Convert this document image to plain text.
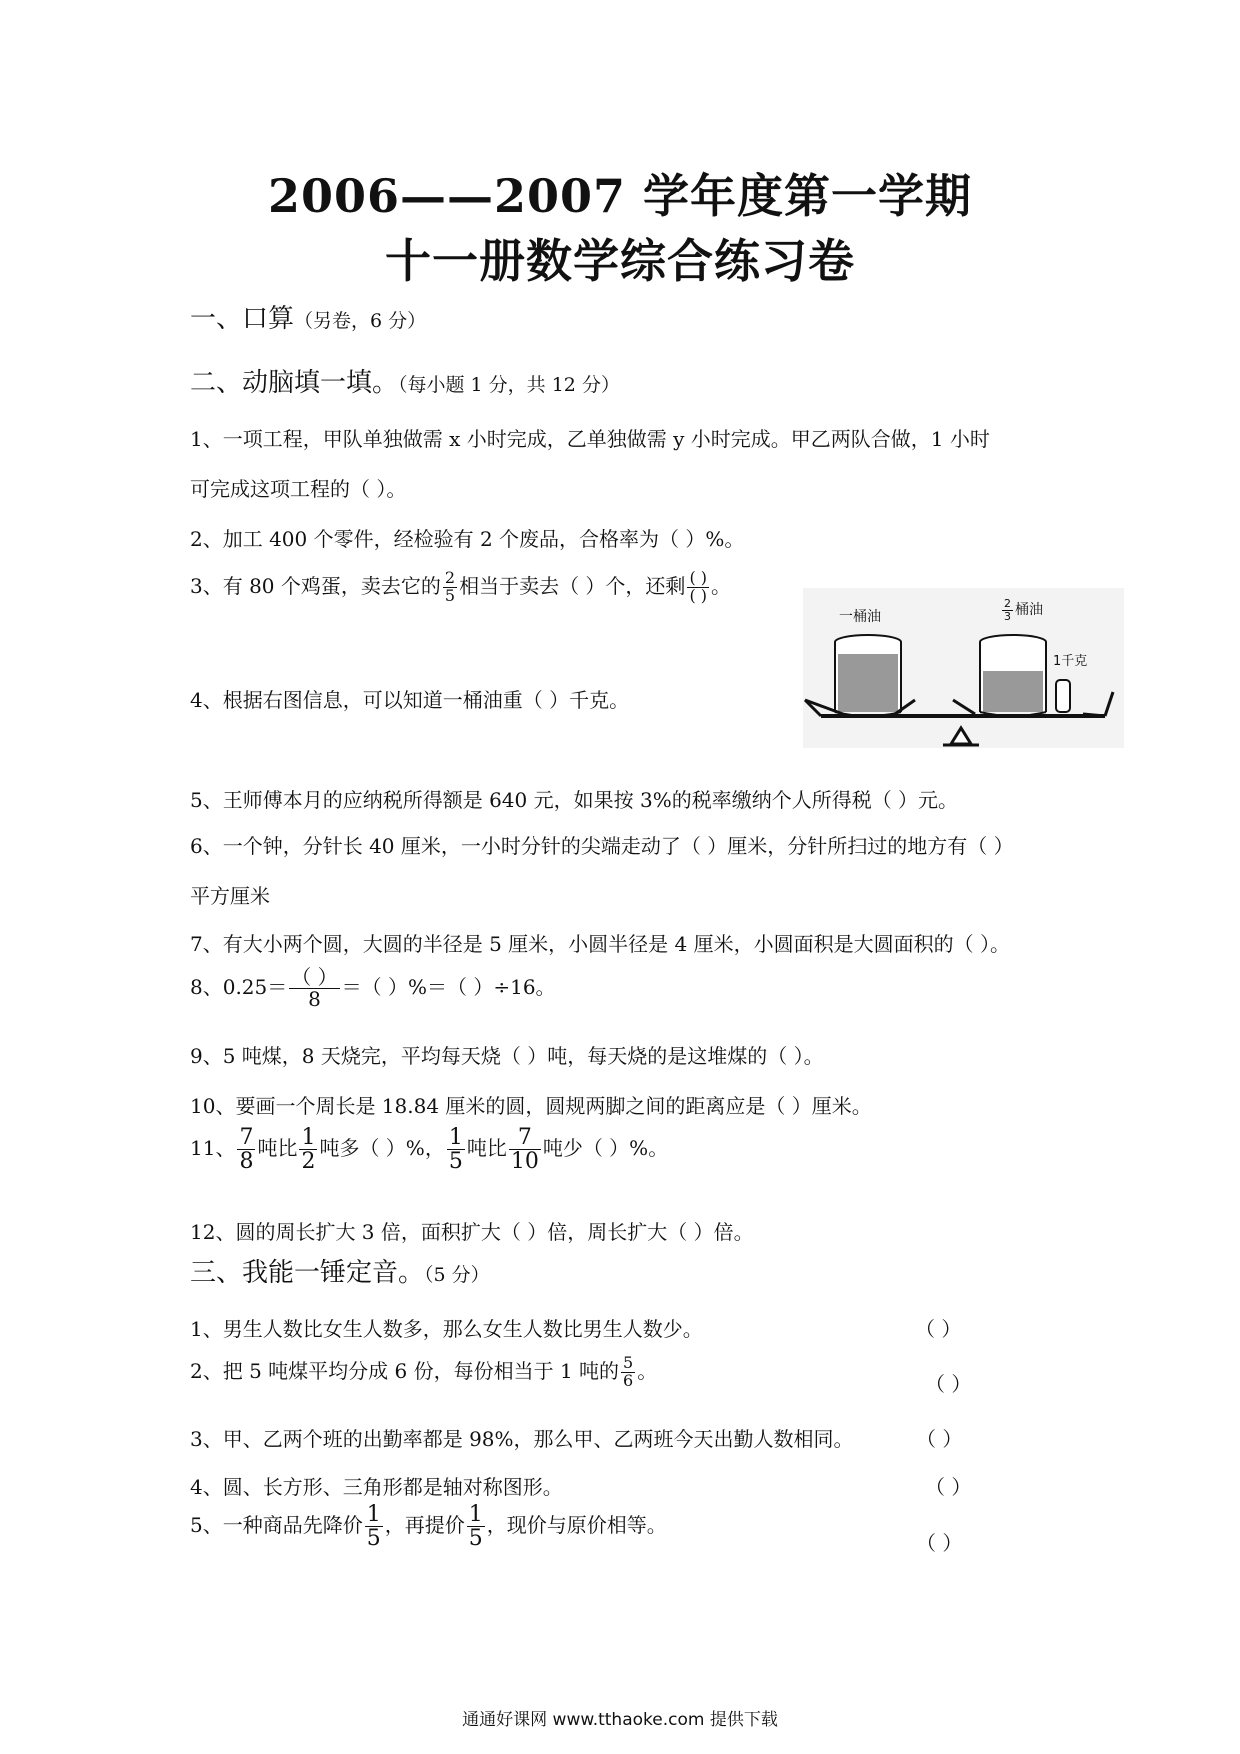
2006——2007 学年度第一学期
十一册数学综合练习卷
一、口算（另卷，6 分）
二、动脑填一填。（每小题 1 分，共 12 分）
1、一项工程，甲队单独做需 x 小时完成，乙单独做需 y 小时完成。甲乙两队合做，1 小时
可完成这项工程的（ ）。
2、加工 400 个零件，经检验有 2 个废品，合格率为（ ）%。
3、有 80 个鸡蛋，卖去它的 $\frac{2}{5}$ 相当于卖去（ ）个，还剩 $\frac{( )}{( )}$ 。
一桶油	$\frac{2}{3}$ 桶油
1千克
4、根据右图信息，可以知道一桶油重（ ）千克。
5、王师傅本月的应纳税所得额是 640 元，如果按 3%的税率缴纳个人所得税（ ）元。
6、一个钟，分针长 40 厘米，一小时分针的尖端走动了（ ）厘米，分针所扫过的地方有（ ）
平方厘米
7、有大小两个圆，大圆的半径是 5 厘米，小圆半径是 4 厘米，小圆面积是大圆面积的（ ）。
8、$0.25= \frac{( )}{8}$ ＝（ ）%＝（ ）÷16。
9、5 吨煤，8 天烧完，平均每天烧（ ）吨，每天烧的是这堆煤的（ ）。
10、要画一个周长是 18.84 厘米的圆，圆规两脚之间的距离应是（ ）厘米。
11、 $\frac{7}{8}$ 吨比 $\frac{1}{2}$ 吨多（ ）%， $\frac{1}{5}$ 吨比 $\frac{7}{10}$ 吨少（ ）%。
12、圆的周长扩大 3 倍，面积扩大（ ）倍，周长扩大（ ）倍。
三、我能一锤定音。（5 分）
1、男生人数比女生人数多，那么女生人数比男生人数少。	（ ）
2、把 5 吨煤平均分成 6 份，每份相当于 1 吨的 $\frac{5}{6}$ 。
（ ）
3、甲、乙两个班的出勤率都是 98%，那么甲、乙两班今天出勤人数相同。	（ ）
4、圆、长方形、三角形都是轴对称图形。	（ ）
5、一种商品先降价 $\frac{1}{5}$ ，再提价 $\frac{1}{5}$ ，现价与原价相等。
（ ）
通通好课网 www.tthaoke.com 提供下载
